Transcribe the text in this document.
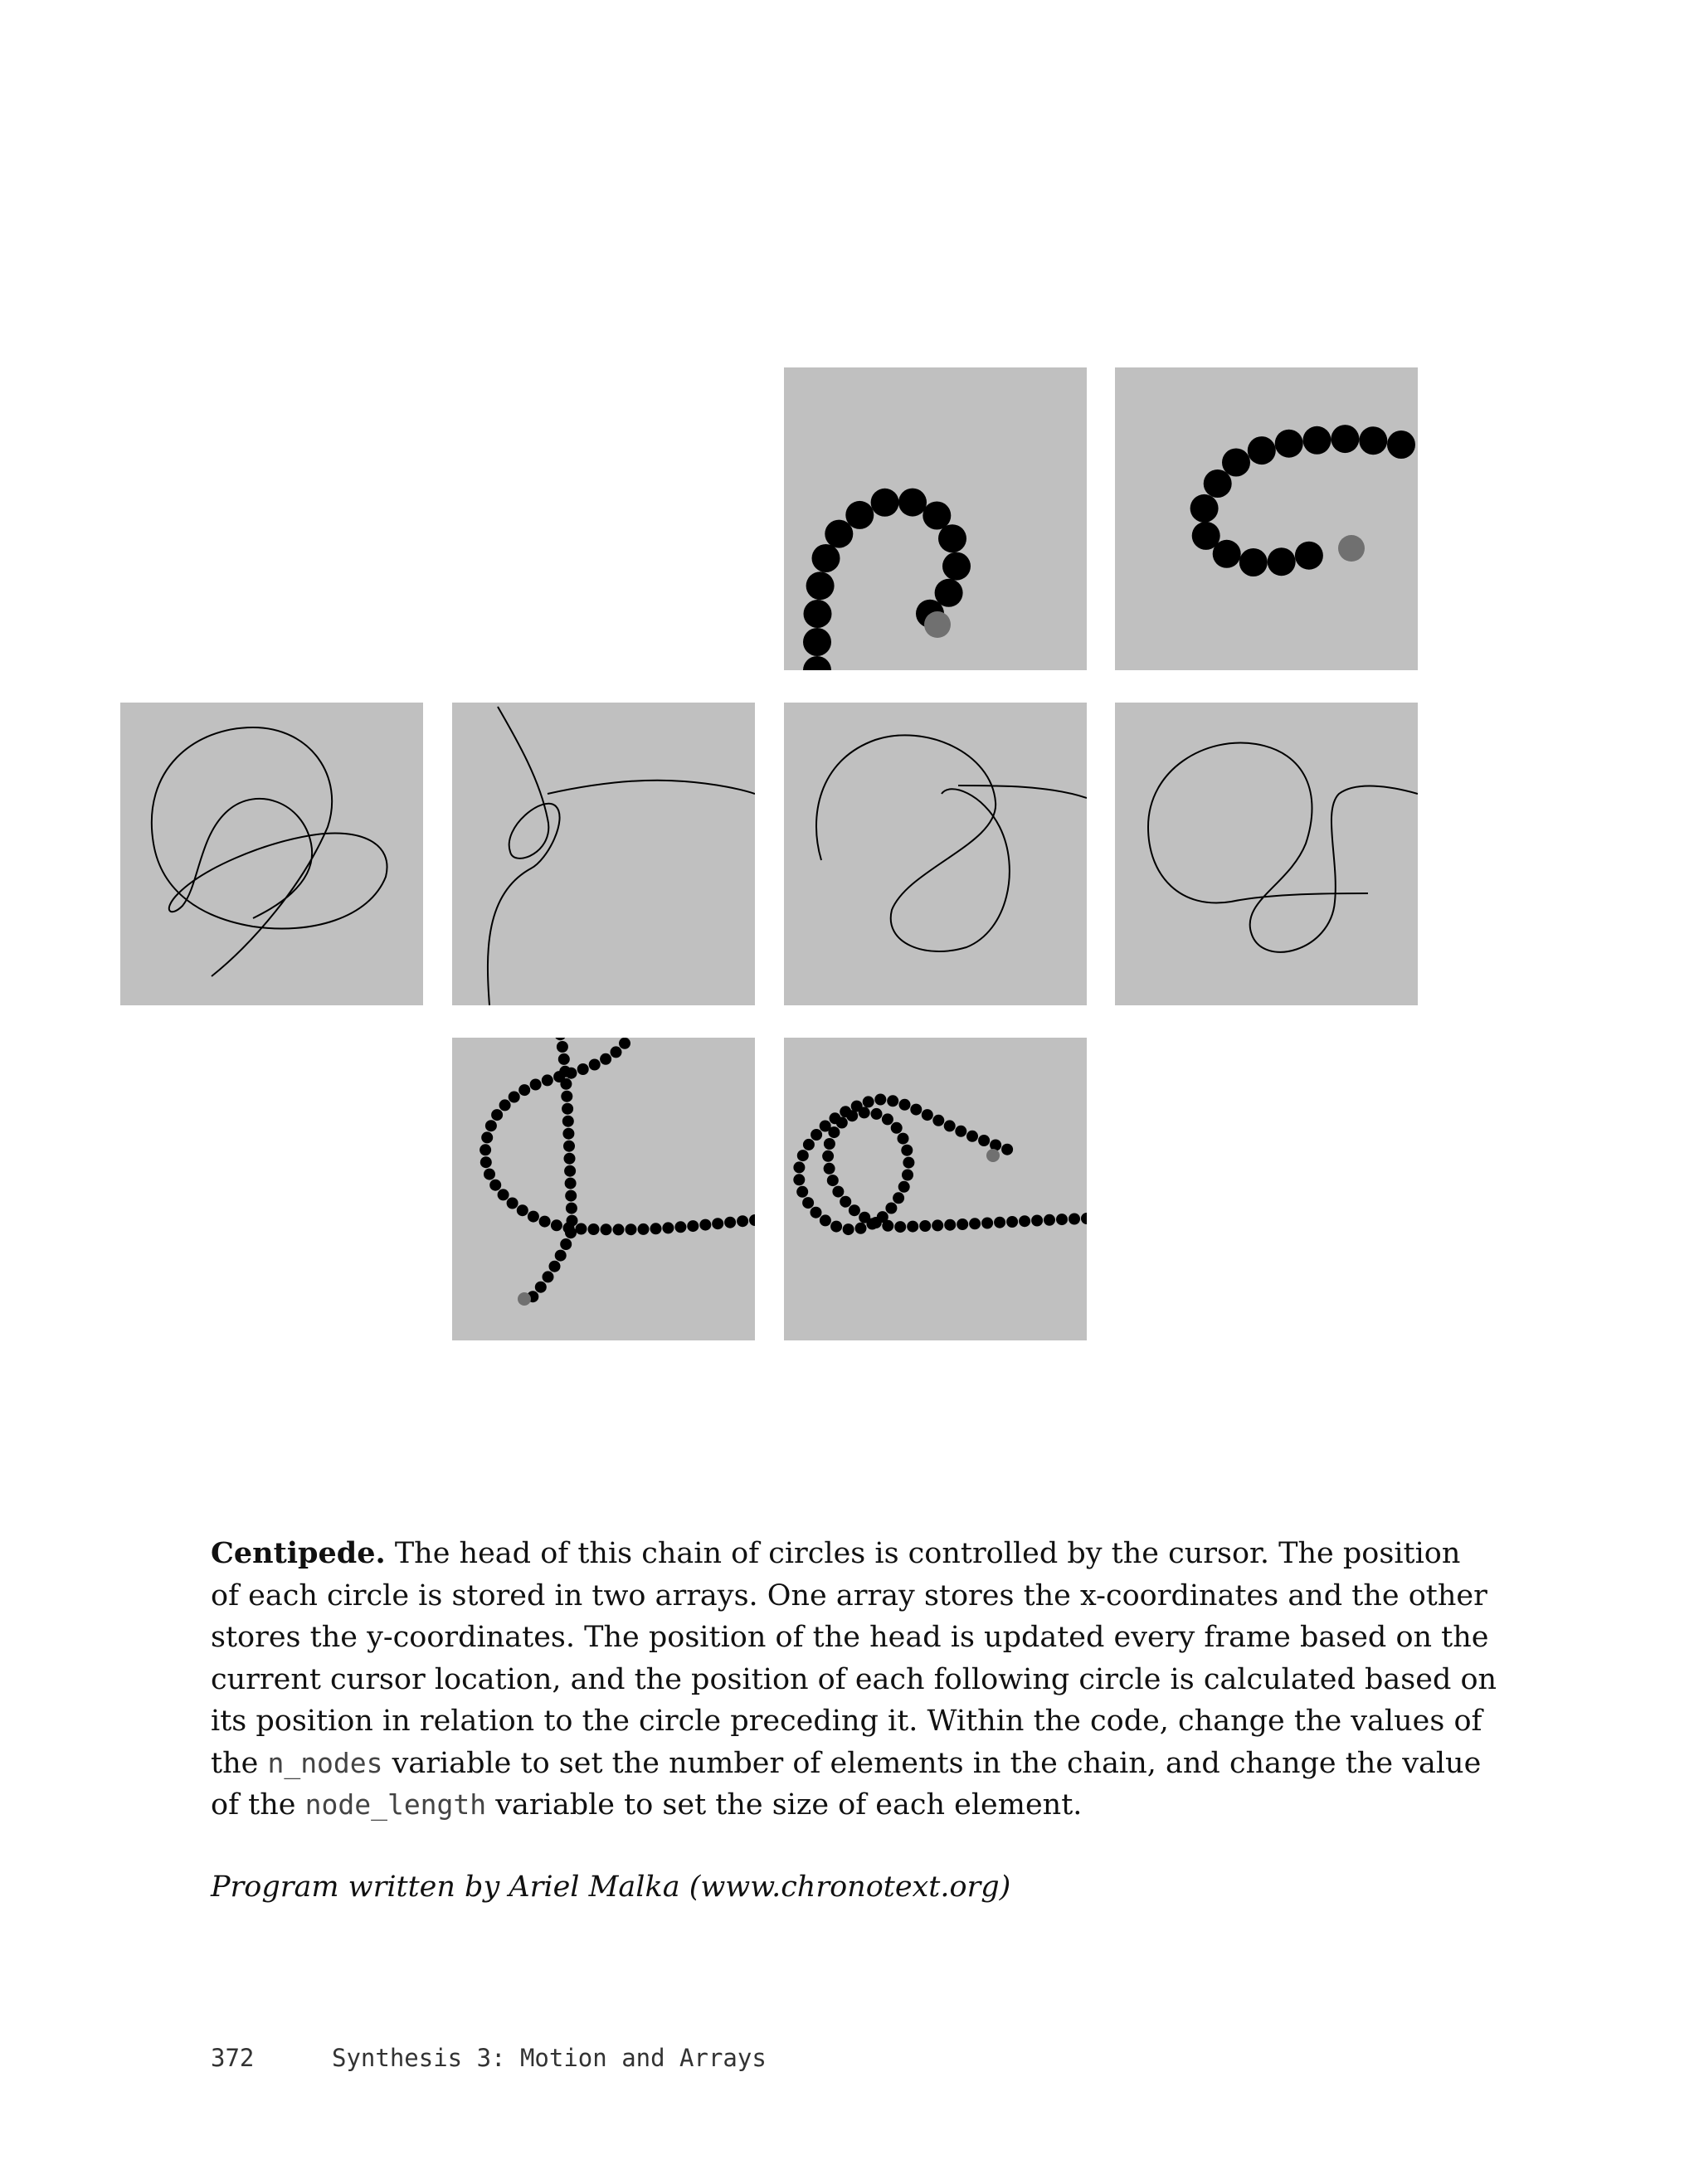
Centipede. The head of this chain of circles is controlled by the cursor. The position
of each circle is stored in two arrays. One array stores the x-coordinates and the other
stores the y-coordinates. The position of the head is updated every frame based on the
current cursor location, and the position of each following circle is calculated based on
its position in relation to the circle preceding it. Within the code, change the values of
the n_nodes variable to set the number of elements in the chain, and change the value
of the node_length variable to set the size of each element.
Program written by Ariel Malka (www.chronotext.org)
372	Synthesis 3: Motion and Arrays
